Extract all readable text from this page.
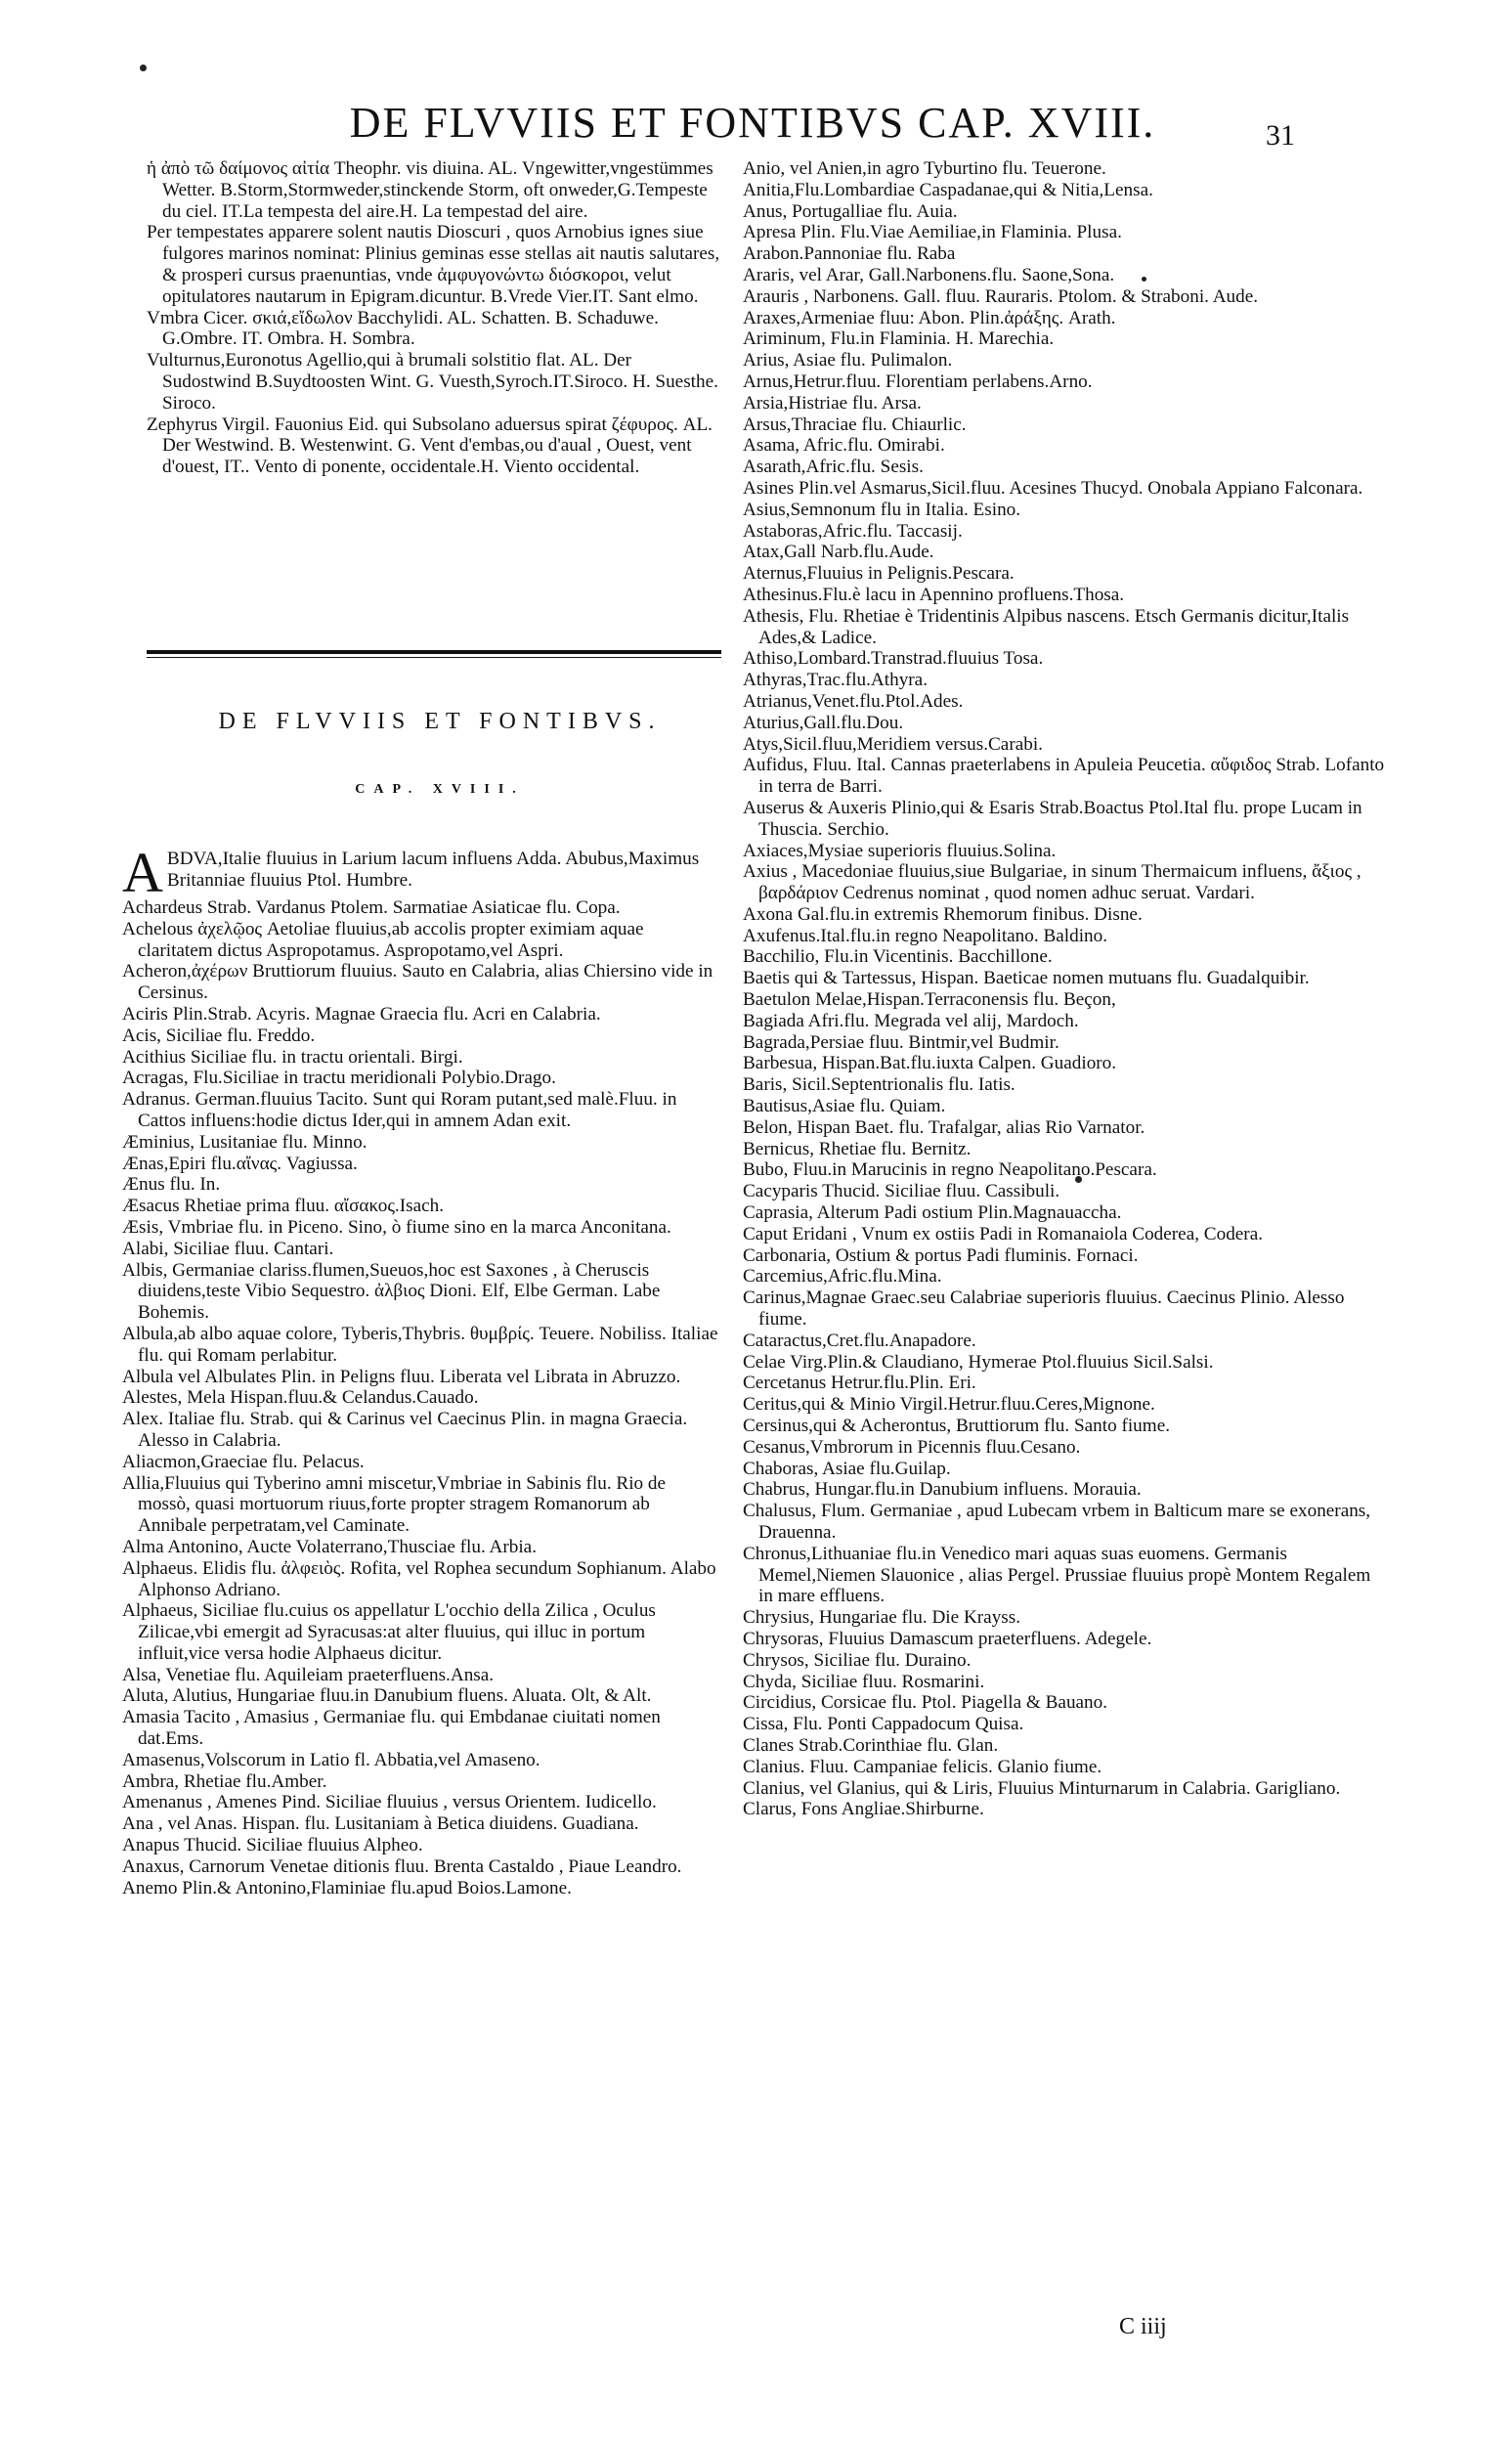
DE FLVVIIS ET FONTIBVS CAP. XVIII.	31

ἡ ἀπὸ τῶ δαίμονος αἰτία Theophr. vis diuina. AL. Vngewitter,vngestümmes Wetter. B.Storm,Stormweder,stinckende Storm, oft onweder,G.Tempeste du ciel. IT.La tempesta del aire.H. La tempestad del aire.

Per tempestates apparere solent nautis Dioscuri , quos Arnobius ignes siue fulgores marinos nominat: Plinius geminas esse stellas ait nautis salutares, & prosperi cursus praenuntias, vnde ἀμφυγονώντω διόσκοροι, velut opitulatores nautarum in Epigram.dicuntur. B.Vrede Vier.IT. Sant elmo.

Vmbra Cicer. σκιά,εἴδωλον Bacchylidi. AL. Schatten. B. Schaduwe. G.Ombre. IT. Ombra. H. Sombra.

Vulturnus,Euronotus Agellio,qui à brumali solstitio flat. AL. Der Sudostwind B.Suydtoosten Wint. G. Vuesth,Syroch.IT.Siroco. H. Suesthe. Siroco.

Zephyrus Virgil. Fauonius Eid. qui Subsolano aduersus spirat ζέφυρος. AL. Der Westwind. B. Westenwint. G. Vent d'embas,ou d'aual , Ouest, vent d'ouest, IT.. Vento di ponente, occidentale.H. Viento occidental.

DE FLVVIIS ET FONTIBVS.
CAP. XVIII.

ABDVA,Italie fluuius in Larium lacum influens Adda. Abubus,Maximus Britanniae fluuius Ptol. Humbre.

Achardeus Strab. Vardanus Ptolem. Sarmatiae Asiaticae flu. Copa.

Achelous ἀχελῷος Aetoliae fluuius,ab accolis propter eximiam aquae claritatem dictus Aspropotamus. Aspropotamo,vel Aspri.

Acheron,ἀχέρων Bruttiorum fluuius. Sauto en Calabria, alias Chiersino vide in Cersinus.

Aciris Plin.Strab. Acyris. Magnae Graecia flu. Acri en Calabria.

Acis, Siciliae flu. Freddo.

Acithius Siciliae flu. in tractu orientali. Birgi.

Acragas, Flu.Siciliae in tractu meridionali Polybio.Drago.

Adranus. German.fluuius Tacito. Sunt qui Roram putant,sed malè.Fluu. in Cattos influens:hodie dictus Ider,qui in amnem Adan exit.

Æminius, Lusitaniae flu. Minno.

Ænas,Epiri flu.αἴνας. Vagiussa.

Ænus flu. In.

Æsacus Rhetiae prima fluu. αἴσακος.Isach.

Æsis, Vmbriae flu. in Piceno. Sino, ò fiume sino en la marca Anconitana.

Alabi, Siciliae fluu. Cantari.

Albis, Germaniae clariss.flumen,Sueuos,hoc est Saxones , à Cheruscis diuidens,teste Vibio Sequestro. ἀλβιος Dioni. Elf, Elbe German. Labe Bohemis.

Albula,ab albo aquae colore, Tyberis,Thybris. θυμβρίς. Teuere. Nobiliss. Italiae flu. qui Romam perlabitur.

Albula vel Albulates Plin. in Peligns fluu. Liberata vel Librata in Abruzzo.

Alestes, Mela Hispan.fluu.& Celandus.Cauado.

Alex. Italiae flu. Strab. qui & Carinus vel Caecinus Plin. in magna Graecia. Alesso in Calabria.

Aliacmon,Graeciae flu. Pelacus.

Allia,Fluuius qui Tyberino amni miscetur,Vmbriae in Sabinis flu. Rio de mossò, quasi mortuorum riuus,forte propter stragem Romanorum ab Annibale perpetratam,vel Caminate.

Alma Antonino, Aucte Volaterrano,Thusciae flu. Arbia.

Alphaeus. Elidis flu. ἀλφειὸς. Rofita, vel Rophea secundum Sophianum. Alabo Alphonso Adriano.

Alphaeus, Siciliae flu.cuius os appellatur L'occhio della Zilica , Oculus Zilicae,vbi emergit ad Syracusas:at alter fluuius, qui illuc in portum influit,vice versa hodie Alphaeus dicitur.

Alsa, Venetiae flu. Aquileiam praeterfluens.Ansa.

Aluta, Alutius, Hungariae fluu.in Danubium fluens. Aluata. Olt, & Alt.

Amasia Tacito , Amasius , Germaniae flu. qui Embdanae ciuitati nomen dat.Ems.

Amasenus,Volscorum in Latio fl. Abbatia,vel Amaseno.

Ambra, Rhetiae flu.Amber.

Amenanus , Amenes Pind. Siciliae fluuius , versus Orientem. Iudicello.

Ana , vel Anas. Hispan. flu. Lusitaniam à Betica diuidens. Guadiana.

Anapus Thucid. Siciliae fluuius Alpheo.

Anaxus, Carnorum Venetae ditionis fluu. Brenta Castaldo , Piaue Leandro.

Anemo Plin.& Antonino,Flaminiae flu.apud Boios.Lamone.

Anio, vel Anien,in agro Tyburtino flu. Teuerone.

Anitia,Flu.Lombardiae Caspadanae,qui & Nitia,Lensa.

Anus, Portugalliae flu. Auia.

Apresa Plin. Flu.Viae Aemiliae,in Flaminia. Plusa.

Arabon.Pannoniae flu. Raba

Araris, vel Arar, Gall.Narbonens.flu. Saone,Sona.

Arauris , Narbonens. Gall. fluu. Rauraris. Ptolom. & Straboni. Aude.

Araxes,Armeniae fluu: Abon. Plin.ἀράξης. Arath.

Ariminum, Flu.in Flaminia. H. Marechia.

Arius, Asiae flu. Pulimalon.

Arnus,Hetrur.fluu. Florentiam perlabens.Arno.

Arsia,Histriae flu. Arsa.

Arsus,Thraciae flu. Chiaurlic.

Asama, Afric.flu. Omirabi.

Asarath,Afric.flu. Sesis.

Asines Plin.vel Asmarus,Sicil.fluu. Acesines Thucyd. Onobala Appiano Falconara.

Asius,Semnonum flu in Italia. Esino.

Astaboras,Afric.flu. Taccasij.

Atax,Gall Narb.flu.Aude.

Aternus,Fluuius in Pelignis.Pescara.

Athesinus.Flu.è lacu in Apennino profluens.Thosa.

Athesis, Flu. Rhetiae è Tridentinis Alpibus nascens. Etsch Germanis dicitur,Italis Ades,& Ladice.

Athiso,Lombard.Transtrad.fluuius Tosa.

Athyras,Trac.flu.Athyra.

Atrianus,Venet.flu.Ptol.Ades.

Aturius,Gall.flu.Dou.

Atys,Sicil.fluu,Meridiem versus.Carabi.

Aufidus, Fluu. Ital. Cannas praeterlabens in Apuleia Peucetia. αὔφιδος Strab. Lofanto in terra de Barri.

Auserus & Auxeris Plinio,qui & Esaris Strab.Boactus Ptol.Ital flu. prope Lucam in Thuscia. Serchio.

Axiaces,Mysiae superioris fluuius.Solina.

Axius , Macedoniae fluuius,siue Bulgariae, in sinum Thermaicum influens, ἄξιος , βαρδάριον Cedrenus nominat , quod nomen adhuc seruat. Vardari.

Axona Gal.flu.in extremis Rhemorum finibus. Disne.

Axufenus.Ital.flu.in regno Neapolitano. Baldino.

Bacchilio, Flu.in Vicentinis. Bacchillone.

Baetis qui & Tartessus, Hispan. Baeticae nomen mutuans flu. Guadalquibir.

Baetulon Melae,Hispan.Terraconensis flu. Beçon,

Bagiada Afri.flu. Megrada vel alij, Mardoch.

Bagrada,Persiae fluu. Bintmir,vel Budmir.

Barbesua, Hispan.Bat.flu.iuxta Calpen. Guadioro.

Baris, Sicil.Septentrionalis flu. Iatis.

Bautisus,Asiae flu. Quiam.

Belon, Hispan Baet. flu. Trafalgar, alias Rio Varnator.

Bernicus, Rhetiae flu. Bernitz.

Bubo, Fluu.in Marucinis in regno Neapolitano.Pescara.

Cacyparis Thucid. Siciliae fluu. Cassibuli.

Caprasia, Alterum Padi ostium Plin.Magnauaccha.

Caput Eridani , Vnum ex ostiis Padi in Romanaiola Coderea, Codera.

Carbonaria, Ostium & portus Padi fluminis. Fornaci.

Carcemius,Afric.flu.Mina.

Carinus,Magnae Graec.seu Calabriae superioris fluuius. Caecinus Plinio. Alesso fiume.

Cataractus,Cret.flu.Anapadore.

Celae Virg.Plin.& Claudiano, Hymerae Ptol.fluuius Sicil.Salsi.

Cercetanus Hetrur.flu.Plin. Eri.

Ceritus,qui & Minio Virgil.Hetrur.fluu.Ceres,Mignone.

Cersinus,qui & Acherontus, Bruttiorum flu. Santo fiume.

Cesanus,Vmbrorum in Picennis fluu.Cesano.

Chaboras, Asiae flu.Guilap.

Chabrus, Hungar.flu.in Danubium influens. Morauia.

Chalusus, Flum. Germaniae , apud Lubecam vrbem in Balticum mare se exonerans, Drauenna.

Chronus,Lithuaniae flu.in Venedico mari aquas suas euomens. Germanis Memel,Niemen Slauonice , alias Pergel. Prussiae fluuius propè Montem Regalem in mare effluens.

Chrysius, Hungariae flu. Die Krayss.

Chrysoras, Fluuius Damascum praeterfluens. Adegele.

Chrysos, Siciliae flu. Duraino.

Chyda, Siciliae fluu. Rosmarini.

Circidius, Corsicae flu. Ptol. Piagella & Bauano.

Cissa, Flu. Ponti Cappadocum Quisa.

Clanes Strab.Corinthiae flu. Glan.

Clanius. Fluu. Campaniae felicis. Glanio fiume.

Clanius, vel Glanius, qui & Liris, Fluuius Minturnarum in Calabria. Garigliano.

Clarus, Fons Angliae.Shirburne.

C iiij
